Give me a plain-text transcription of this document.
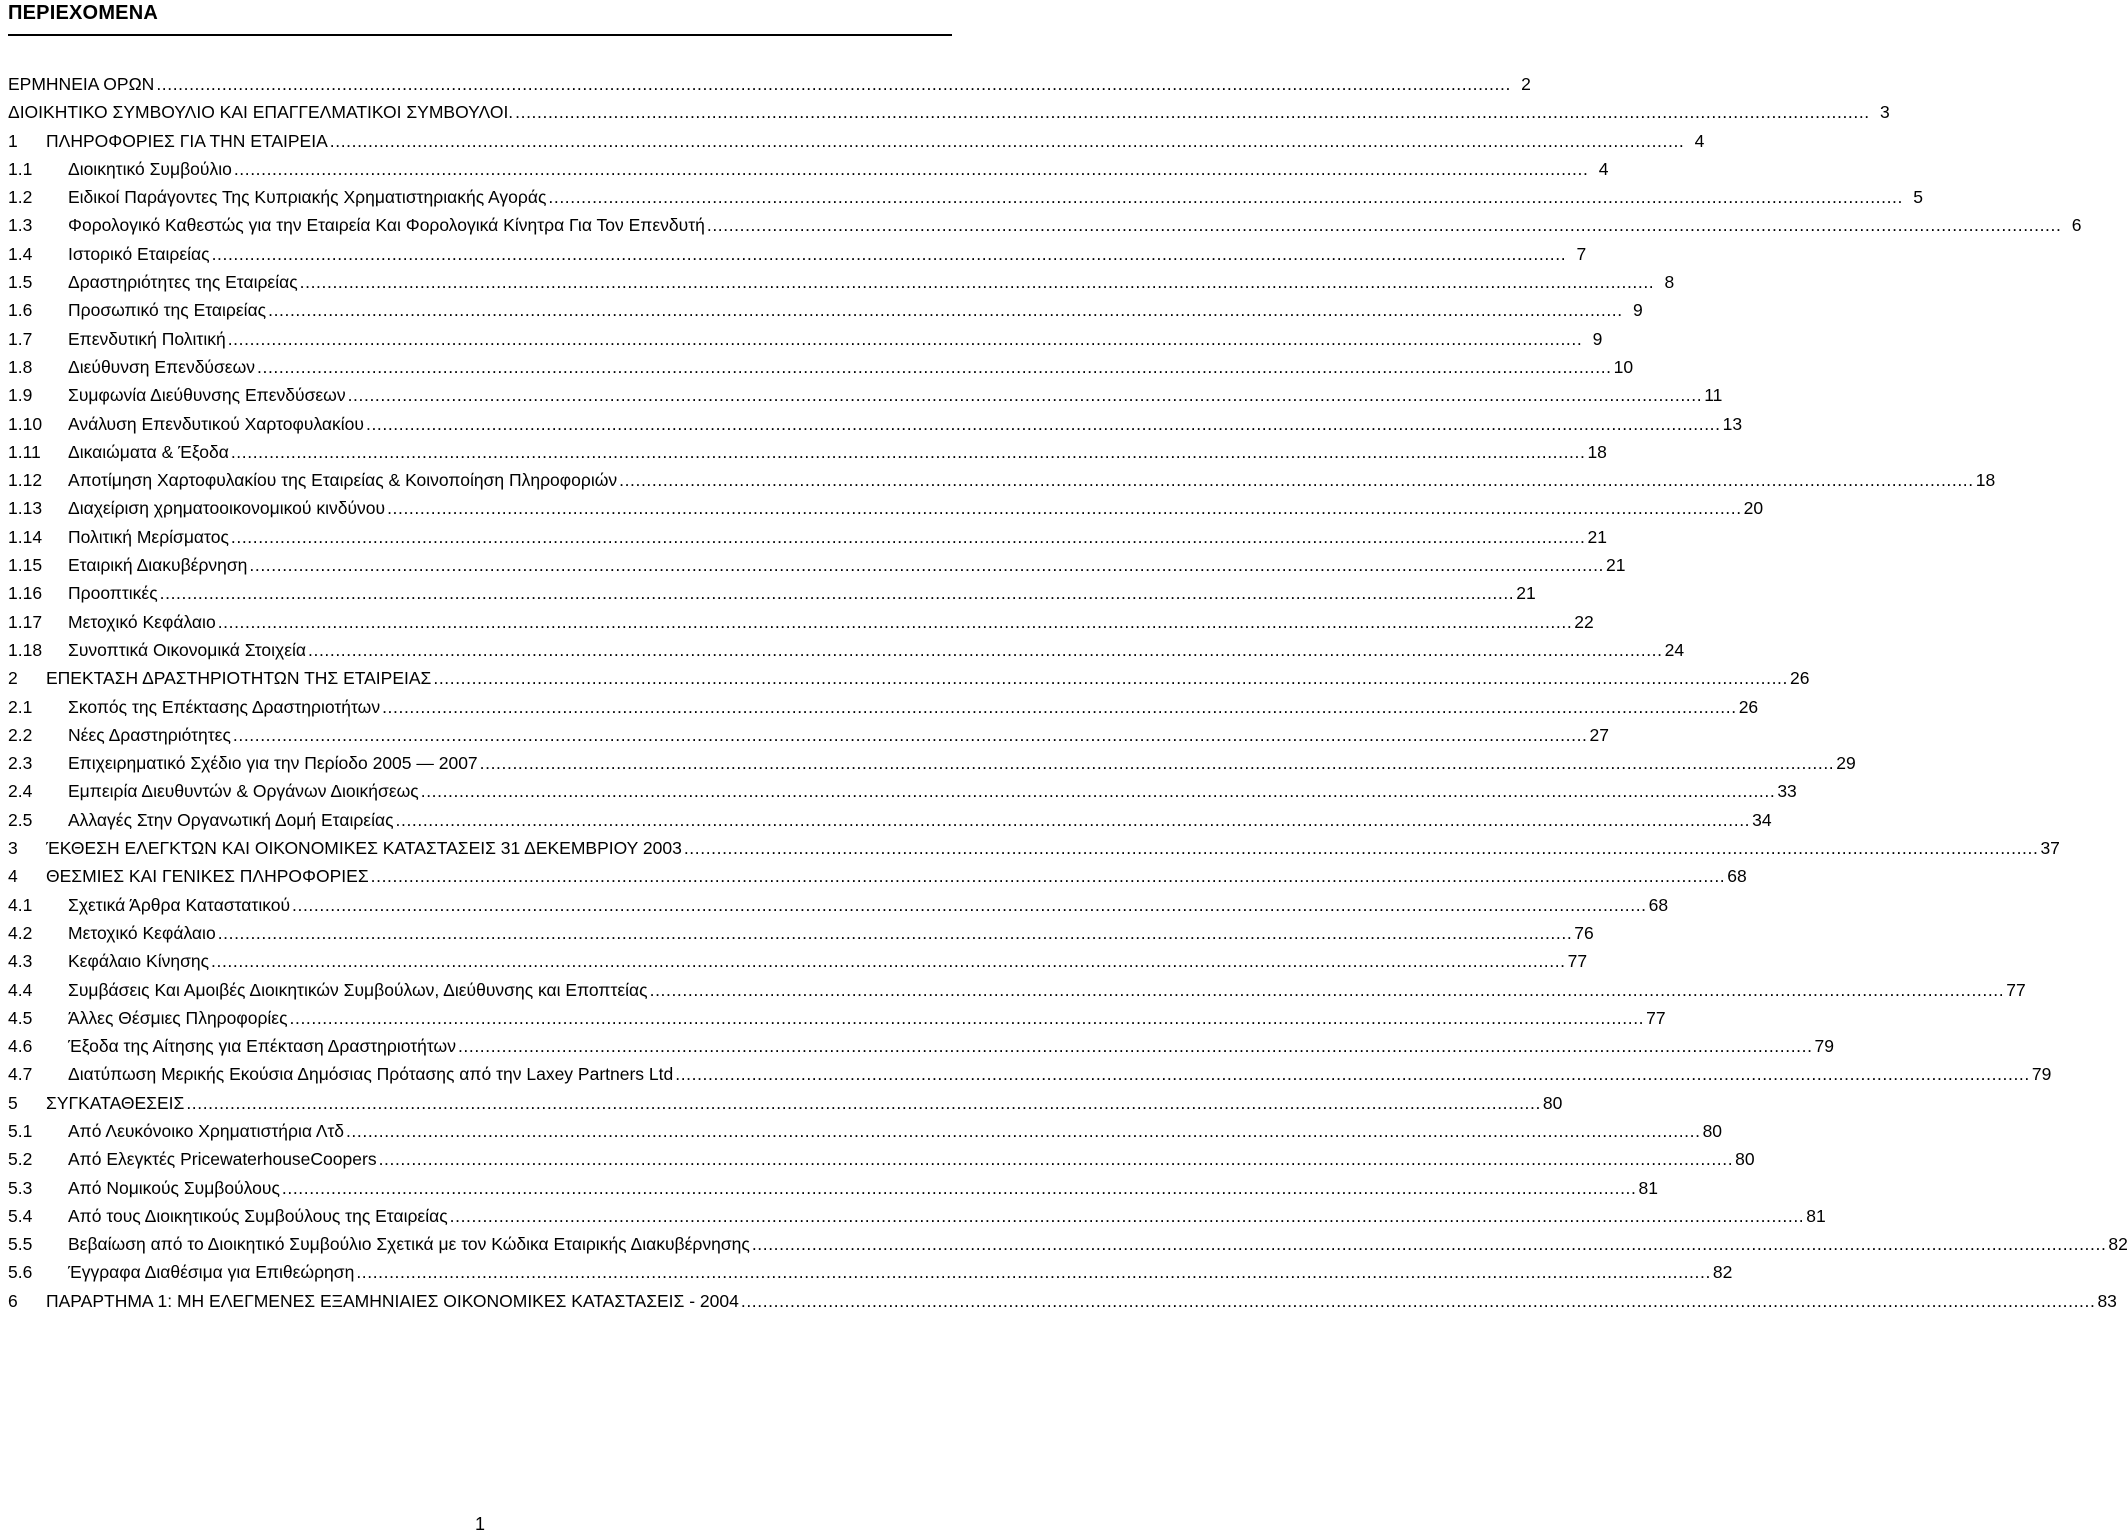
ΠΕΡΙΕΧΟΜΕΝΑ
ΕΡΜΗΝΕΙΑ ΟΡΩΝ .....	2
ΔΙΟΙΚΗΤΙΚΟ ΣΥΜΒΟΥΛΙΟ ΚΑΙ ΕΠΑΓΓΕΛΜΑΤΙΚΟΙ ΣΥΜΒΟΥΛΟΙ. .....	3
1	ΠΛΗΡΟΦΟΡΙΕΣ ΓΙΑ ΤΗΝ ΕΤΑΙΡΕΙΑ .....	4
1.1	Διοικητικό Συμβούλιο .....	4
1.2	Ειδικοί Παράγοντες Της Κυπριακής Χρηματιστηριακής Αγοράς .....	5
1.3	Φορολογικό Καθεστώς για την Εταιρεία Και Φορολογικά Κίνητρα Για Τον Επενδυτή .....	6
1.4	Ιστορικό Εταιρείας .....	7
1.5	Δραστηριότητες της Εταιρείας .....	8
1.6	Προσωπικό της Εταιρείας .....	9
1.7	Επενδυτική Πολιτική .....	9
1.8	Διεύθυνση Επενδύσεων .....	10
1.9	Συμφωνία Διεύθυνσης Επενδύσεων .....	11
1.10	Ανάλυση Επενδυτικού Χαρτοφυλακίου .....	13
1.11	Δικαιώματα & Έξοδα .....	18
1.12	Αποτίμηση Χαρτοφυλακίου της Εταιρείας & Κοινοποίηση Πληροφοριών .....	18
1.13	Διαχείριση χρηματοοικονομικού κινδύνου .....	20
1.14	Πολιτική Μερίσματος .....	21
1.15	Εταιρική Διακυβέρνηση .....	21
1.16	Προοπτικές .....	21
1.17	Μετοχικό Κεφάλαιο .....	22
1.18	Συνοπτικά Οικονομικά Στοιχεία .....	24
2	ΕΠΕΚΤΑΣΗ ΔΡΑΣΤΗΡΙΟΤΗΤΩΝ ΤΗΣ ΕΤΑΙΡΕΙΑΣ .....	26
2.1	Σκοπός της Επέκτασης Δραστηριοτήτων .....	26
2.2	Νέες Δραστηριότητες .....	27
2.3	Επιχειρηματικό Σχέδιο για την Περίοδο 2005 — 2007 .....	29
2.4	Εμπειρία Διευθυντών & Οργάνων Διοικήσεως .....	33
2.5	Αλλαγές Στην Οργανωτική Δομή Εταιρείας .....	34
3	ΈΚΘΕΣΗ ΕΛΕΓΚΤΩΝ ΚΑΙ ΟΙΚΟΝΟΜΙΚΕΣ ΚΑΤΑΣΤΑΣΕΙΣ 31 ΔΕΚΕΜΒΡΙΟΥ 2003 .....	37
4	ΘΕΣΜΙΕΣ ΚΑΙ ΓΕΝΙΚΕΣ ΠΛΗΡΟΦΟΡΙΕΣ .....	68
4.1	Σχετικά Άρθρα Καταστατικού .....	68
4.2	Μετοχικό Κεφάλαιο .....	76
4.3	Κεφάλαιο Κίνησης .....	77
4.4	Συμβάσεις Και Αμοιβές Διοικητικών Συμβούλων, Διεύθυνσης και Εποπτείας .....	77
4.5	Άλλες Θέσμιες Πληροφορίες .....	77
4.6	Έξοδα της Αίτησης για Επέκταση Δραστηριοτήτων .....	79
4.7	Διατύπωση Μερικής Εκούσια Δημόσιας Πρότασης από την Laxey Partners Ltd .....	79
5	ΣΥΓΚΑΤΑΘΕΣΕΙΣ .....	80
5.1	Από Λευκόνοικο Χρηματιστήρια Λτδ .....	80
5.2	Από Ελεγκτές PricewaterhouseCoopers .....	80
5.3	Από Νομικούς Συμβούλους .....	81
5.4	Από τους Διοικητικούς Συμβούλους της Εταιρείας .....	81
5.5	Βεβαίωση από το Διοικητικό Συμβούλιο Σχετικά με τον Κώδικα Εταιρικής Διακυβέρνησης .....	82
5.6	Έγγραφα Διαθέσιμα για Επιθεώρηση .....	82
6	ΠΑΡΑΡΤΗΜΑ 1: ΜΗ ΕΛΕΓΜΕΝΕΣ ΕΞΑΜΗΝΙΑΙΕΣ ΟΙΚΟΝΟΜΙΚΕΣ ΚΑΤΑΣΤΑΣΕΙΣ - 2004 .....	83
1
